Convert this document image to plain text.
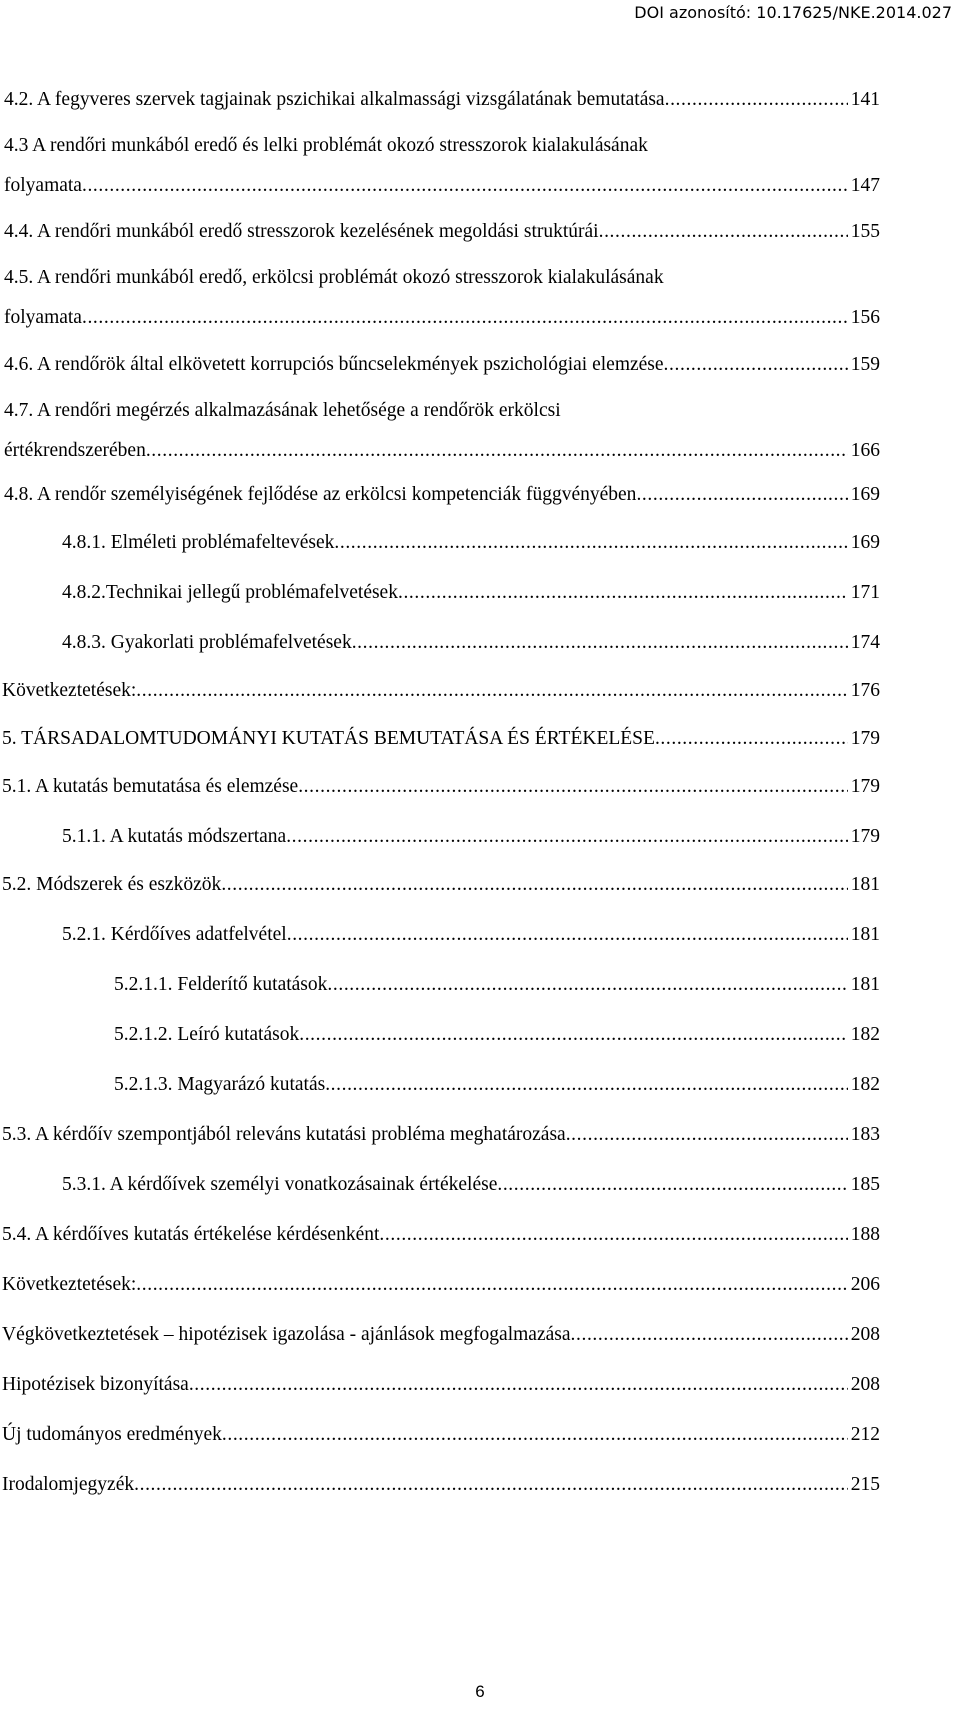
DOI azonosító: 10.17625/NKE.2014.027
4.2. A fegyveres szervek tagjainak pszichikai alkalmassági vizsgálatának bemutatása .....	141
4.3 A rendőri munkából eredő és lelki problémát okozó stresszorok kialakulásának
folyamata .....	147
4.4. A rendőri munkából eredő stresszorok kezelésének megoldási struktúrái .....	155
4.5. A rendőri munkából eredő, erkölcsi problémát okozó stresszorok kialakulásának
folyamata .....	156
4.6. A rendőrök által elkövetett korrupciós bűncselekmények pszichológiai elemzése .....	159
4.7. A rendőri megérzés alkalmazásának lehetősége a rendőrök erkölcsi
értékrendszerében .....	166
4.8. A rendőr személyiségének fejlődése az erkölcsi kompetenciák függvényében .....	169
4.8.1. Elméleti problémafeltevések .....	169
4.8.2.Technikai jellegű problémafelvetések .....	171
4.8.3. Gyakorlati problémafelvetések .....	174
Következtetések: .....	176
5. TÁRSADALOMTUDOMÁNYI KUTATÁS BEMUTATÁSA ÉS ÉRTÉKELÉSE .....	179
5.1. A kutatás bemutatása és elemzése .....	179
5.1.1. A kutatás módszertana .....	179
5.2. Módszerek és eszközök .....	181
5.2.1. Kérdőíves adatfelvétel .....	181
5.2.1.1. Felderítő kutatások .....	181
5.2.1.2. Leíró kutatások .....	182
5.2.1.3. Magyarázó kutatás .....	182
5.3. A kérdőív szempontjából releváns kutatási probléma meghatározása .....	183
5.3.1. A kérdőívek személyi vonatkozásainak értékelése .....	185
5.4. A kérdőíves kutatás értékelése kérdésenként .....	188
Következtetések: .....	206
Végkövetkeztetések – hipotézisek igazolása - ajánlások megfogalmazása .....	208
Hipotézisek bizonyítása .....	208
Új tudományos eredmények .....	212
Irodalomjegyzék .....	215
6
